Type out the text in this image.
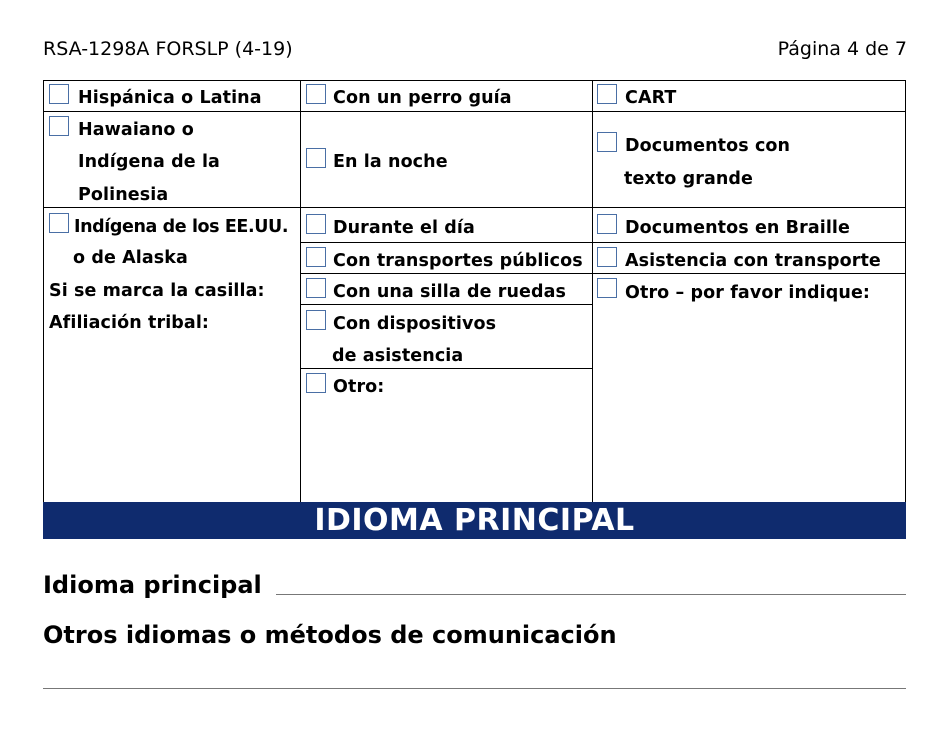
RSA-1298A FORSLP (4-19)	Página 4 de 7
Hispánica o Latina
Hawaiano o
Indígena de la
Polinesia
Indígena de los EE.UU.
o de Alaska
Si se marca la casilla:
Afiliación tribal:
Con un perro guía
En la noche
Durante el día
Con transportes públicos
Con una silla de ruedas
Con dispositivos
de asistencia
Otro:
CART
Documentos con
texto grande
Documentos en Braille
Asistencia con transporte
Otro – por favor indique:
IDIOMA PRINCIPAL
Idioma principal
Otros idiomas o métodos de comunicación
